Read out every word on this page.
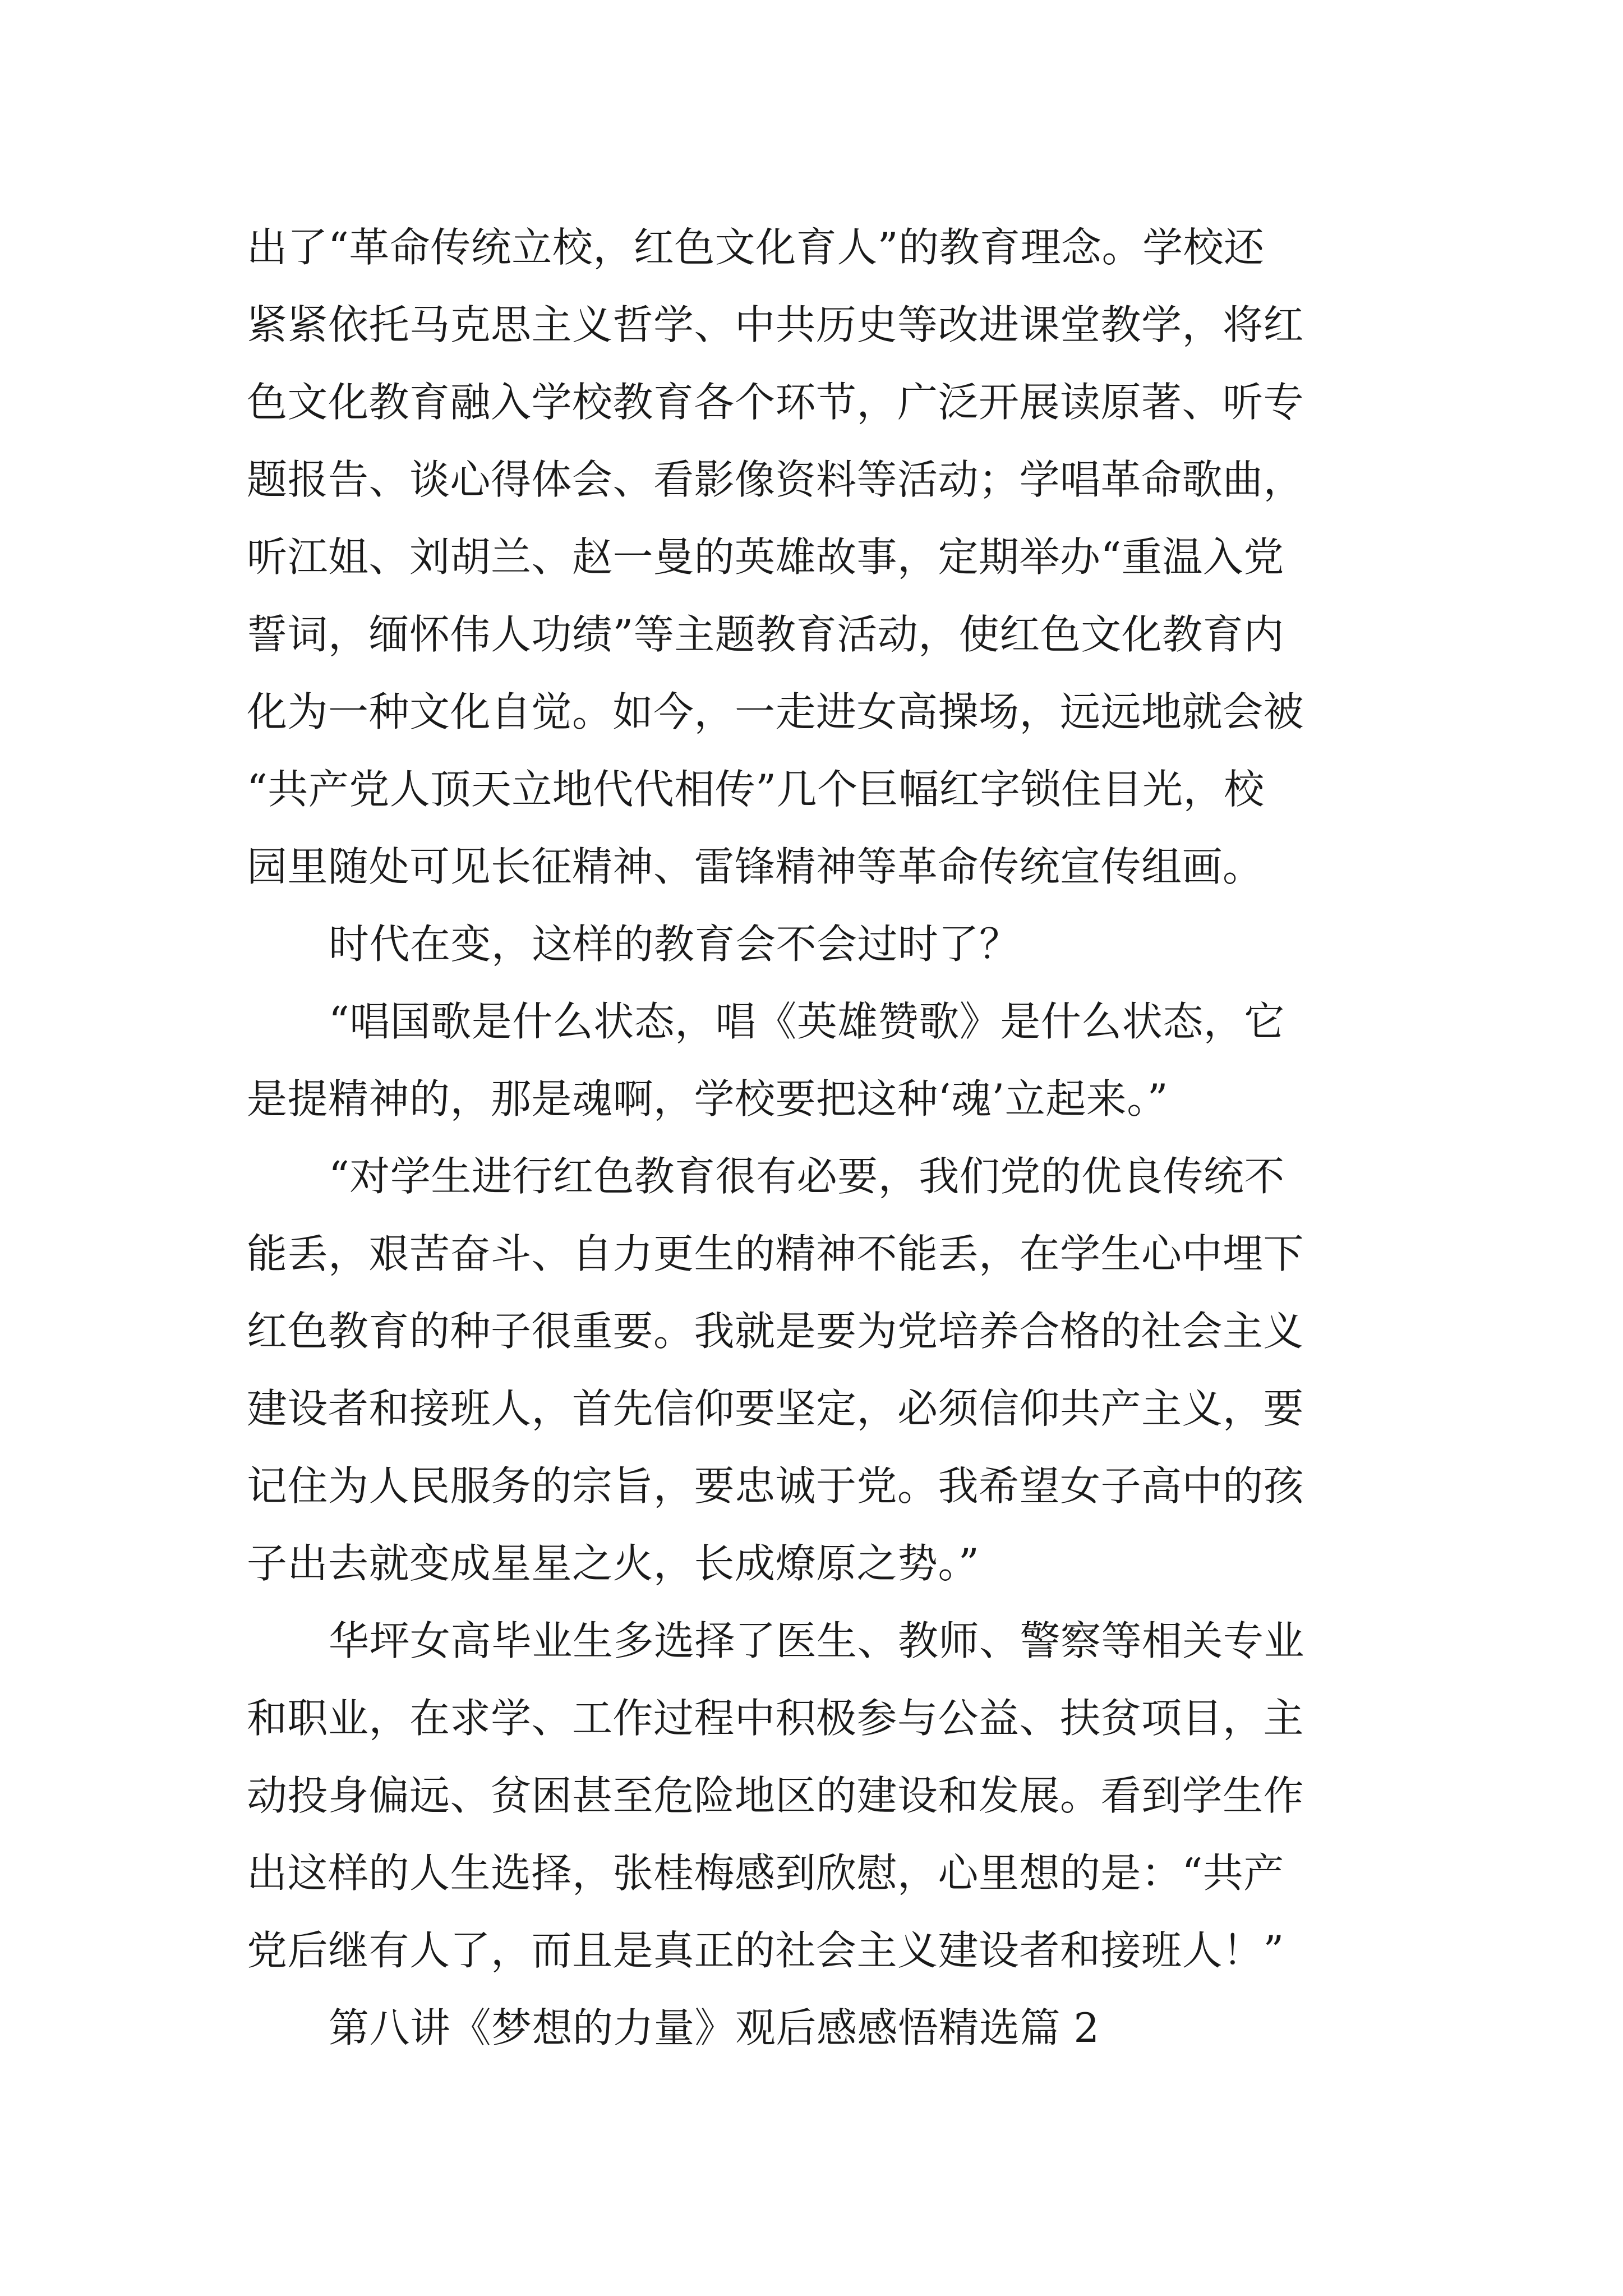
出了“革命传统立校，红色文化育人”的教育理念。学校还
紧紧依托马克思主义哲学、中共历史等改进课堂教学，将红
色文化教育融入学校教育各个环节，广泛开展读原著、听专
题报告、谈心得体会、看影像资料等活动；学唱革命歌曲，
听江姐、刘胡兰、赵一曼的英雄故事，定期举办“重温入党
誓词，缅怀伟人功绩”等主题教育活动，使红色文化教育内
化为一种文化自觉。如今，一走进女高操场，远远地就会被
“共产党人顶天立地代代相传”几个巨幅红字锁住目光，校
园里随处可见长征精神、雷锋精神等革命传统宣传组画。
时代在变，这样的教育会不会过时了？
“唱国歌是什么状态，唱《英雄赞歌》是什么状态，它
是提精神的，那是魂啊，学校要把这种‘魂’立起来。”
“对学生进行红色教育很有必要，我们党的优良传统不
能丢，艰苦奋斗、自力更生的精神不能丢，在学生心中埋下
红色教育的种子很重要。我就是要为党培养合格的社会主义
建设者和接班人，首先信仰要坚定，必须信仰共产主义，要
记住为人民服务的宗旨，要忠诚于党。我希望女子高中的孩
子出去就变成星星之火，长成燎原之势。”
华坪女高毕业生多选择了医生、教师、警察等相关专业
和职业，在求学、工作过程中积极参与公益、扶贫项目，主
动投身偏远、贫困甚至危险地区的建设和发展。看到学生作
出这样的人生选择，张桂梅感到欣慰，心里想的是：“共产
党后继有人了，而且是真正的社会主义建设者和接班人！”
第八讲《梦想的力量》观后感感悟精选篇 2
